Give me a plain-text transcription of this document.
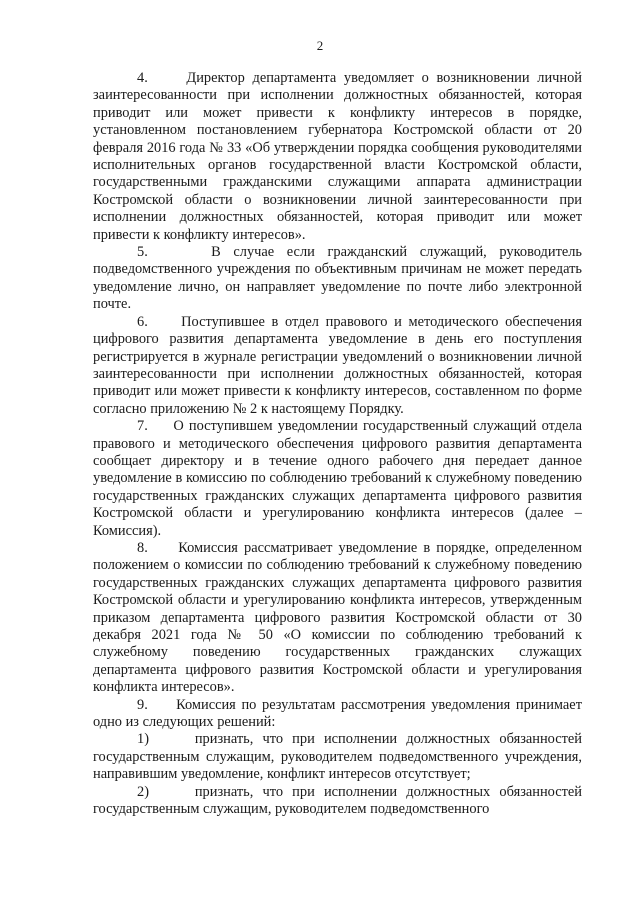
2

4.     Директор департамента уведомляет о возникновении личной заинтересованности при исполнении должностных обязанностей, которая приводит или может привести к конфликту интересов в порядке, установленном постановлением губернатора Костромской области от 20 февраля 2016 года № 33 «Об утверждении порядка сообщения руководителями исполнительных органов государственной власти Костромской области, государственными гражданскими служащими аппарата администрации Костромской области о возникновении личной заинтересованности при исполнении должностных обязанностей, которая приводит или может привести к конфликту интересов».

5.     В случае если гражданский служащий, руководитель подведомственного учреждения по объективным причинам не может передать уведомление лично, он направляет уведомление по почте либо электронной почте.

6.     Поступившее в отдел правового и методического обеспечения цифрового развития департамента уведомление в день его поступления регистрируется в журнале регистрации уведомлений о возникновении личной заинтересованности при исполнении должностных обязанностей, которая приводит или может привести к конфликту интересов, составленном по форме согласно приложению № 2 к настоящему Порядку.

7.     О поступившем уведомлении государственный служащий отдела правового и методического обеспечения цифрового развития департамента сообщает директору и в течение одного рабочего дня передает данное уведомление в комиссию по соблюдению требований к служебному поведению государственных гражданских служащих департамента цифрового развития Костромской области и урегулированию конфликта интересов (далее – Комиссия).

8.     Комиссия рассматривает уведомление в порядке, определенном положением о комиссии по соблюдению требований к служебному поведению государственных гражданских служащих департамента цифрового развития Костромской области и урегулированию конфликта интересов, утвержденным приказом департамента цифрового развития Костромской области от 30 декабря 2021 года № 50 «О комиссии по соблюдению требований к служебному поведению государственных гражданских служащих департамента цифрового развития Костромской области и урегулирования конфликта интересов».

9.     Комиссия по результатам рассмотрения уведомления принимает одно из следующих решений:

1)     признать, что при исполнении должностных обязанностей государственным служащим, руководителем подведомственного учреждения, направившим уведомление, конфликт интересов отсутствует;

2)     признать, что при исполнении должностных обязанностей государственным служащим, руководителем подведомственного
